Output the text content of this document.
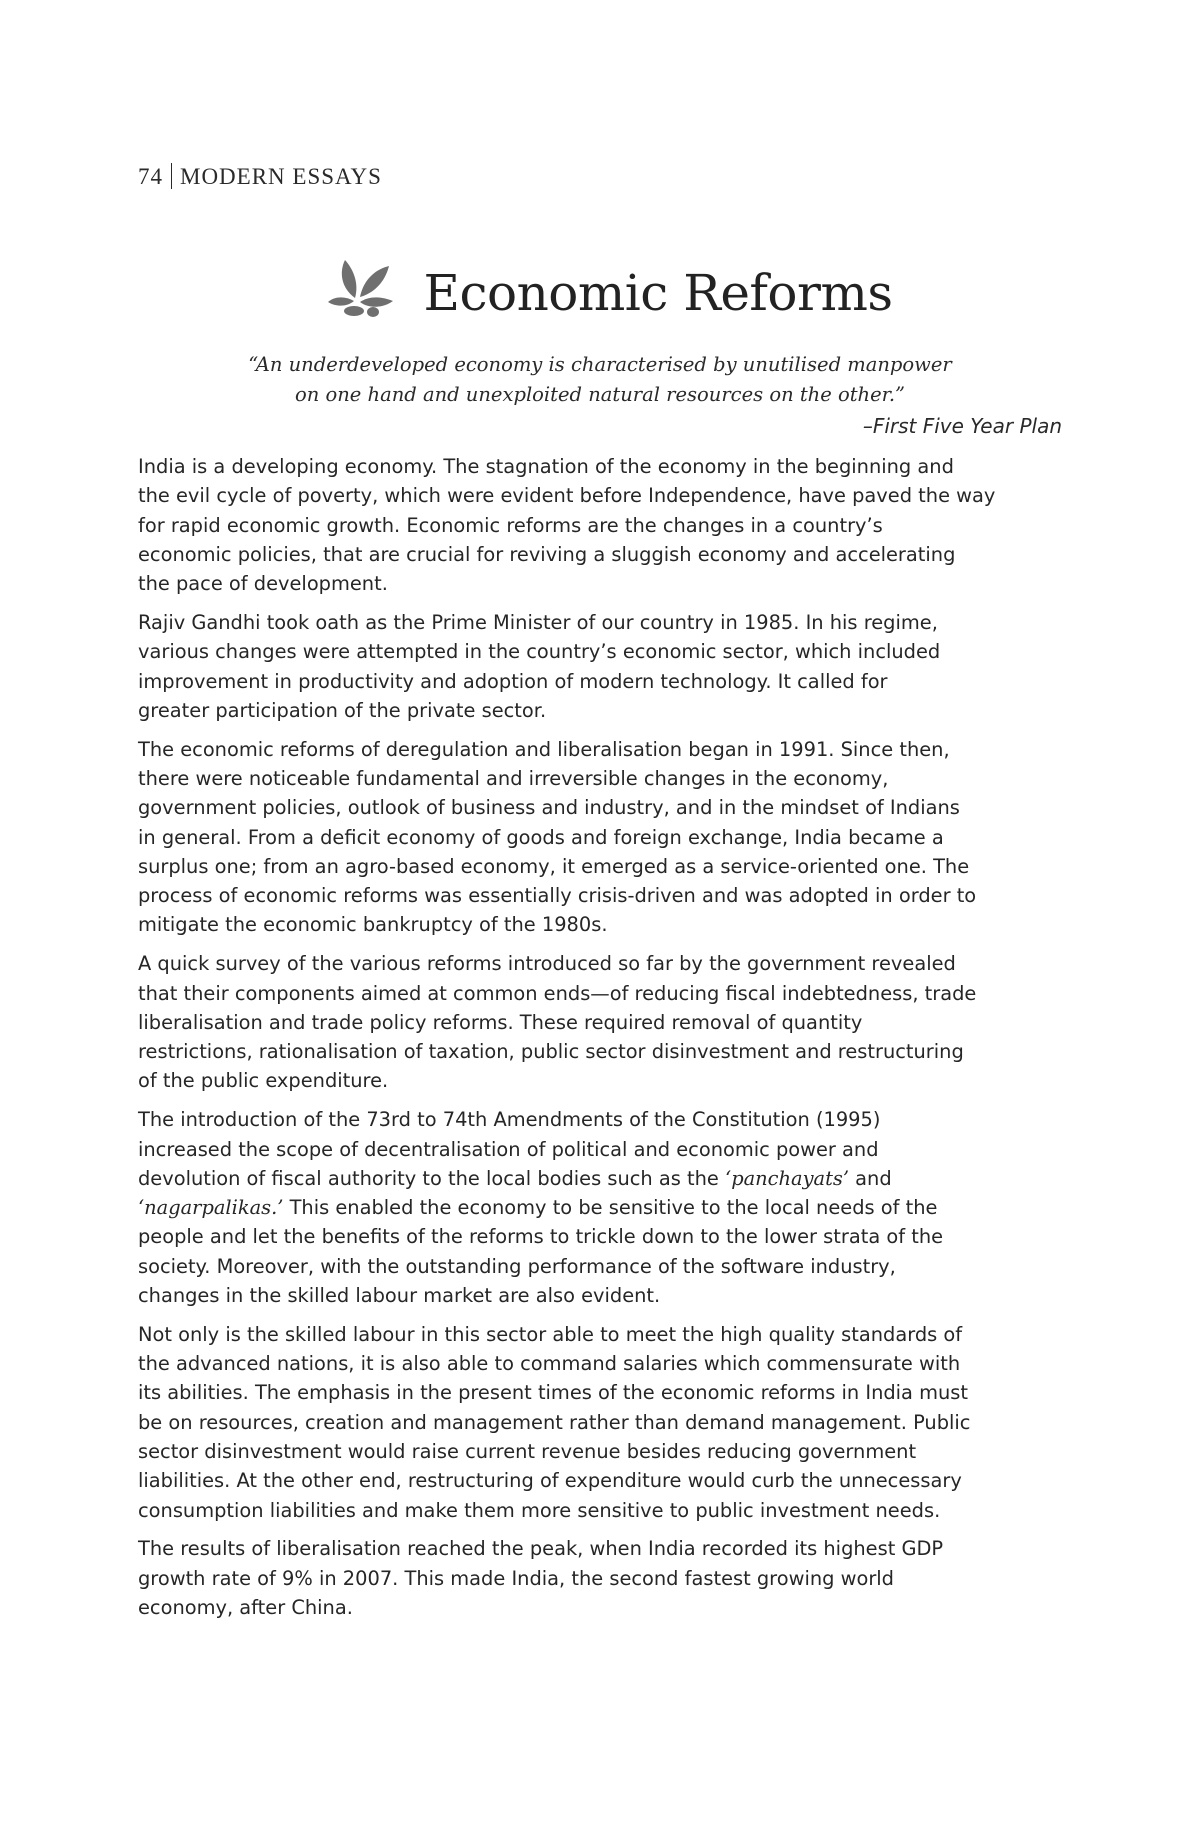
74 MODERN ESSAYS
Economic Reforms
“An underdeveloped economy is characterised by unutilised manpower
on one hand and unexploited natural resources on the other.”
–First Five Year Plan

India is a developing economy. The stagnation of the economy in the beginning and
the evil cycle of poverty, which were evident before Independence, have paved the way
for rapid economic growth. Economic reforms are the changes in a country’s
economic policies, that are crucial for reviving a sluggish economy and accelerating
the pace of development.

Rajiv Gandhi took oath as the Prime Minister of our country in 1985. In his regime,
various changes were attempted in the country’s economic sector, which included
improvement in productivity and adoption of modern technology. It called for
greater participation of the private sector.

The economic reforms of deregulation and liberalisation began in 1991. Since then,
there were noticeable fundamental and irreversible changes in the economy,
government policies, outlook of business and industry, and in the mindset of Indians
in general. From a deficit economy of goods and foreign exchange, India became a
surplus one; from an agro-based economy, it emerged as a service-oriented one. The
process of economic reforms was essentially crisis-driven and was adopted in order to
mitigate the economic bankruptcy of the 1980s.

A quick survey of the various reforms introduced so far by the government revealed
that their components aimed at common ends—of reducing fiscal indebtedness, trade
liberalisation and trade policy reforms. These required removal of quantity
restrictions, rationalisation of taxation, public sector disinvestment and restructuring
of the public expenditure.

The introduction of the 73rd to 74th Amendments of the Constitution (1995)
increased the scope of decentralisation of political and economic power and
devolution of fiscal authority to the local bodies such as the ‘panchayats’ and
‘nagarpalikas.’ This enabled the economy to be sensitive to the local needs of the
people and let the benefits of the reforms to trickle down to the lower strata of the
society. Moreover, with the outstanding performance of the software industry,
changes in the skilled labour market are also evident.

Not only is the skilled labour in this sector able to meet the high quality standards of
the advanced nations, it is also able to command salaries which commensurate with
its abilities. The emphasis in the present times of the economic reforms in India must
be on resources, creation and management rather than demand management. Public
sector disinvestment would raise current revenue besides reducing government
liabilities. At the other end, restructuring of expenditure would curb the unnecessary
consumption liabilities and make them more sensitive to public investment needs.

The results of liberalisation reached the peak, when India recorded its highest GDP
growth rate of 9% in 2007. This made India, the second fastest growing world
economy, after China.
